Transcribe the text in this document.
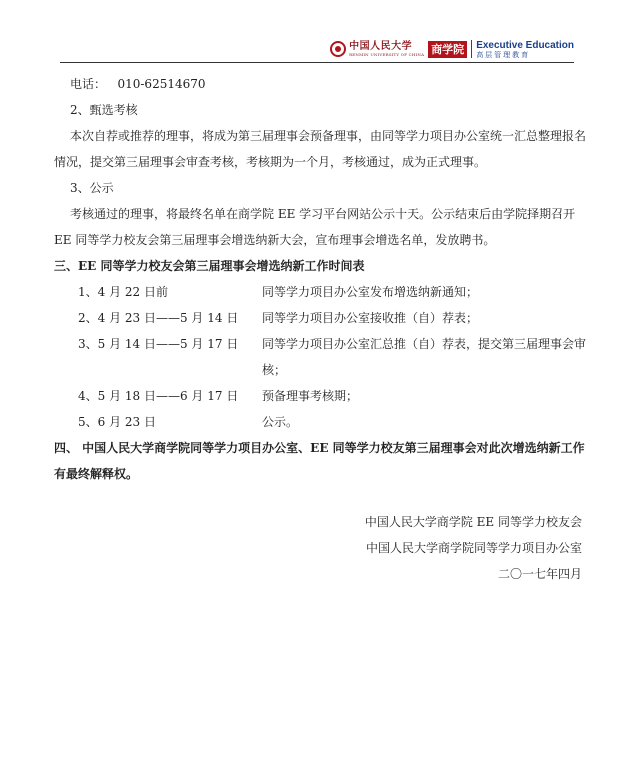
中国人民大学
RENMIN UNIVERSITY OF CHINA 商学院	Executive Education
高层管理教育
电话： 010-62514670
2、甄选考核

本次自荐或推荐的理事，将成为第三届理事会预备理事，由同等学力项目办公室统一汇总整理报名情况，提交第三届理事会审查考核，考核期为一个月，考核通过，成为正式理事。

3、公示

考核通过的理事，将最终名单在商学院 EE 学习平台网站公示十天。公示结束后由学院择期召开 EE 同等学力校友会第三届理事会增选纳新大会，宣布理事会增选名单，发放聘书。

三、EE 同等学力校友会第三届理事会增选纳新工作时间表
1、4 月 22 日前	同等学力项目办公室发布增选纳新通知；
2、4 月 23 日——5 月 14 日	同等学力项目办公室接收推（自）荐表；
3、5 月 14 日——5 月 17 日	同等学力项目办公室汇总推（自）荐表，提交第三届理事会审核；
4、5 月 18 日——6 月 17 日	预备理事考核期；
5、6 月 23 日	公示。

四、 中国人民大学商学院同等学力项目办公室、EE 同等学力校友第三届理事会对此次增选纳新工作有最终解释权。

中国人民大学商学院 EE 同等学力校友会
中国人民大学商学院同等学力项目办公室
二〇一七年四月
